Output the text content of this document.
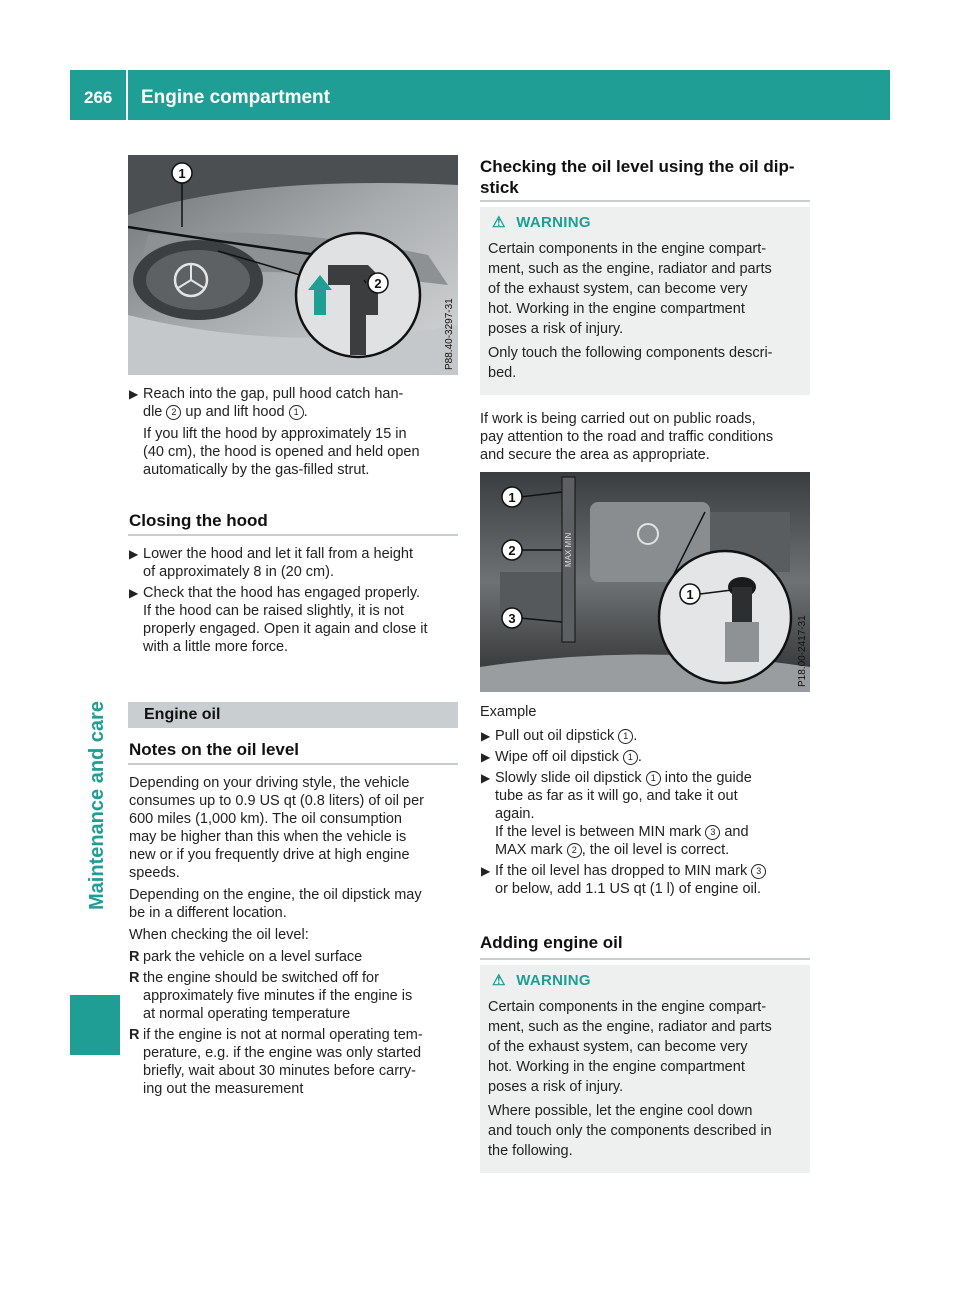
266 Engine compartment
Maintenance and care
1
2
P88.40-3297-31
▶ Reach into the gap, pull hood catch han-
dle 2 up and lift hood 1 .
If you lift the hood by approximately 15 in
(40 cm), the hood is opened and held open
automatically by the gas-filled strut.
Closing the hood
▶ Lower the hood and let it fall from a height
of approximately 8 in (20 cm).
▶ Check that the hood has engaged properly.
If the hood can be raised slightly, it is not
properly engaged. Open it again and close it
with a little more force.
Engine oil
Notes on the oil level
Depending on your driving style, the vehicle
consumes up to 0.9 US qt (0.8 liters) of oil per
600 miles (1,000 km). The oil consumption
may be higher than this when the vehicle is
new or if you frequently drive at high engine
speeds.
Depending on the engine, the oil dipstick may
be in a different location.
When checking the oil level:
R park the vehicle on a level surface
R the engine should be switched off for
approximately five minutes if the engine is
at normal operating temperature
R if the engine is not at normal operating tem-
perature, e.g. if the engine was only started
briefly, wait about 30 minutes before carry-
ing out the measurement
Checking the oil level using the oil dip-
stick
⚠ WARNING
Certain components in the engine compart-
ment, such as the engine, radiator and parts
of the exhaust system, can become very
hot. Working in the engine compartment
poses a risk of injury.
Only touch the following components descri-
bed.
If work is being carried out on public roads,
pay attention to the road and traffic conditions
and secure the area as appropriate.
MAX MIN
1
2
3
1
P18.00-2417-31
Example
▶ Pull out oil dipstick 1 .
▶ Wipe off oil dipstick 1 .
▶ Slowly slide oil dipstick 1 into the guide
tube as far as it will go, and take it out
again.
If the level is between MIN mark 3 and
MAX mark 2 , the oil level is correct.
▶ If the oil level has dropped to MIN mark 3
or below, add 1.1 US qt (1 l) of engine oil.
Adding engine oil
⚠ WARNING
Certain components in the engine compart-
ment, such as the engine, radiator and parts
of the exhaust system, can become very
hot. Working in the engine compartment
poses a risk of injury.
Where possible, let the engine cool down
and touch only the components described in
the following.
